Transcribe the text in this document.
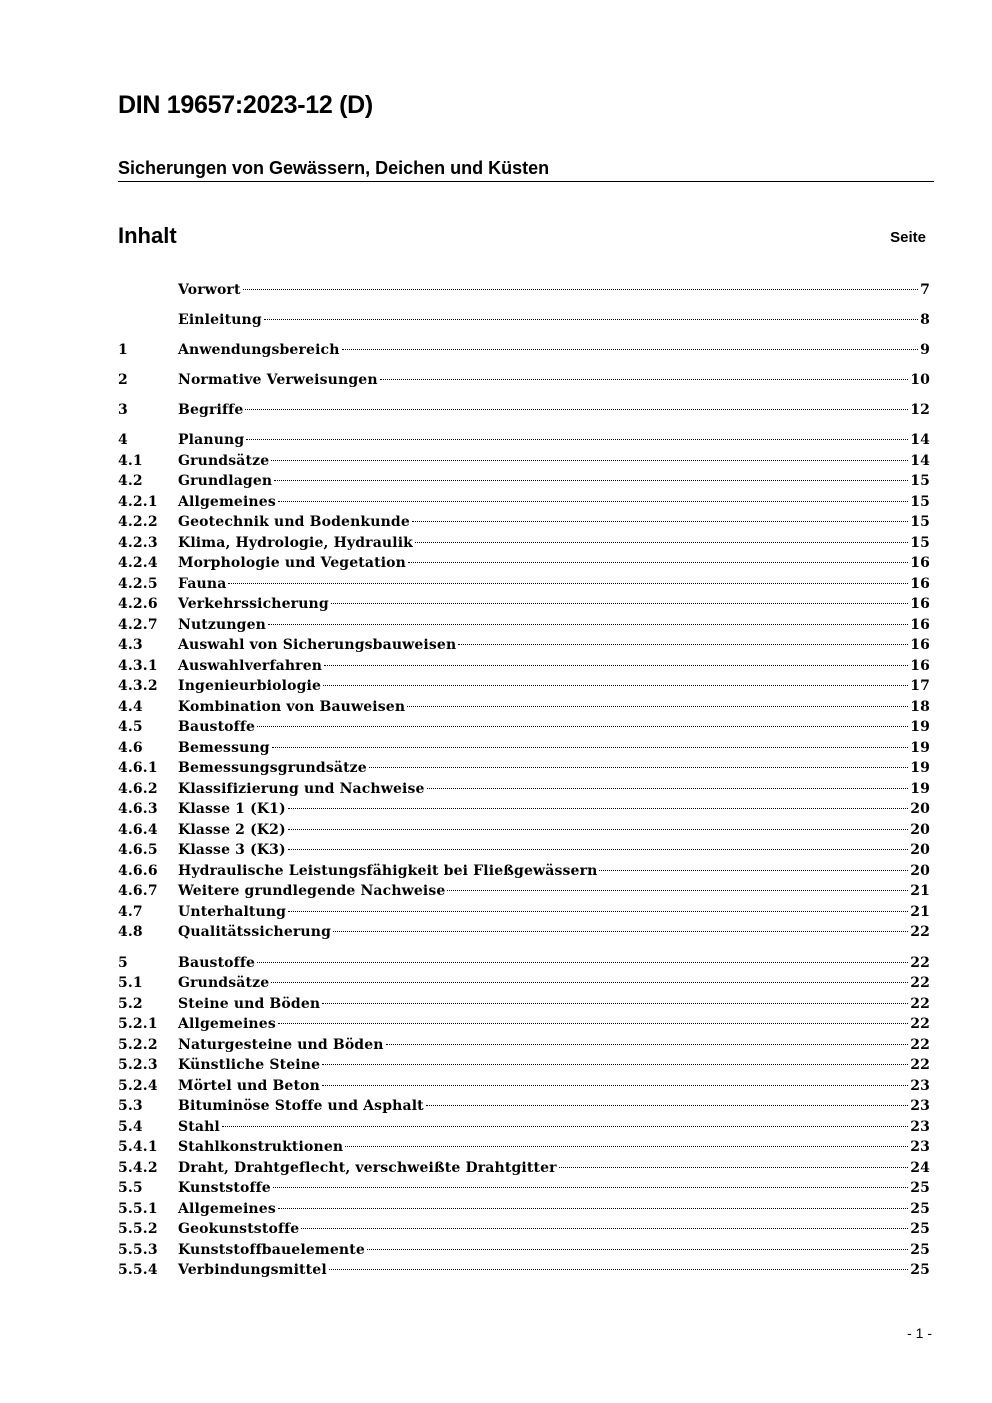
DIN 19657:2023-12 (D)
Sicherungen von Gewässern, Deichen und Küsten
Inhalt	Seite
Vorwort	7
Einleitung	8
1	Anwendungsbereich	9
2	Normative Verweisungen	10
3	Begriffe	12
4	Planung	14
4.1	Grundsätze	14
4.2	Grundlagen	15
4.2.1	Allgemeines	15
4.2.2	Geotechnik und Bodenkunde	15
4.2.3	Klima, Hydrologie, Hydraulik	15
4.2.4	Morphologie und Vegetation	16
4.2.5	Fauna	16
4.2.6	Verkehrssicherung	16
4.2.7	Nutzungen	16
4.3	Auswahl von Sicherungsbauweisen	16
4.3.1	Auswahlverfahren	16
4.3.2	Ingenieurbiologie	17
4.4	Kombination von Bauweisen	18
4.5	Baustoffe	19
4.6	Bemessung	19
4.6.1	Bemessungsgrundsätze	19
4.6.2	Klassifizierung und Nachweise	19
4.6.3	Klasse 1 (K1)	20
4.6.4	Klasse 2 (K2)	20
4.6.5	Klasse 3 (K3)	20
4.6.6	Hydraulische Leistungsfähigkeit bei Fließgewässern	20
4.6.7	Weitere grundlegende Nachweise	21
4.7	Unterhaltung	21
4.8	Qualitätssicherung	22
5	Baustoffe	22
5.1	Grundsätze	22
5.2	Steine und Böden	22
5.2.1	Allgemeines	22
5.2.2	Naturgesteine und Böden	22
5.2.3	Künstliche Steine	22
5.2.4	Mörtel und Beton	23
5.3	Bituminöse Stoffe und Asphalt	23
5.4	Stahl	23
5.4.1	Stahlkonstruktionen	23
5.4.2	Draht, Drahtgeflecht, verschweißte Drahtgitter	24
5.5	Kunststoffe	25
5.5.1	Allgemeines	25
5.5.2	Geokunststoffe	25
5.5.3	Kunststoffbauelemente	25
5.5.4	Verbindungsmittel	25
- 1 -
